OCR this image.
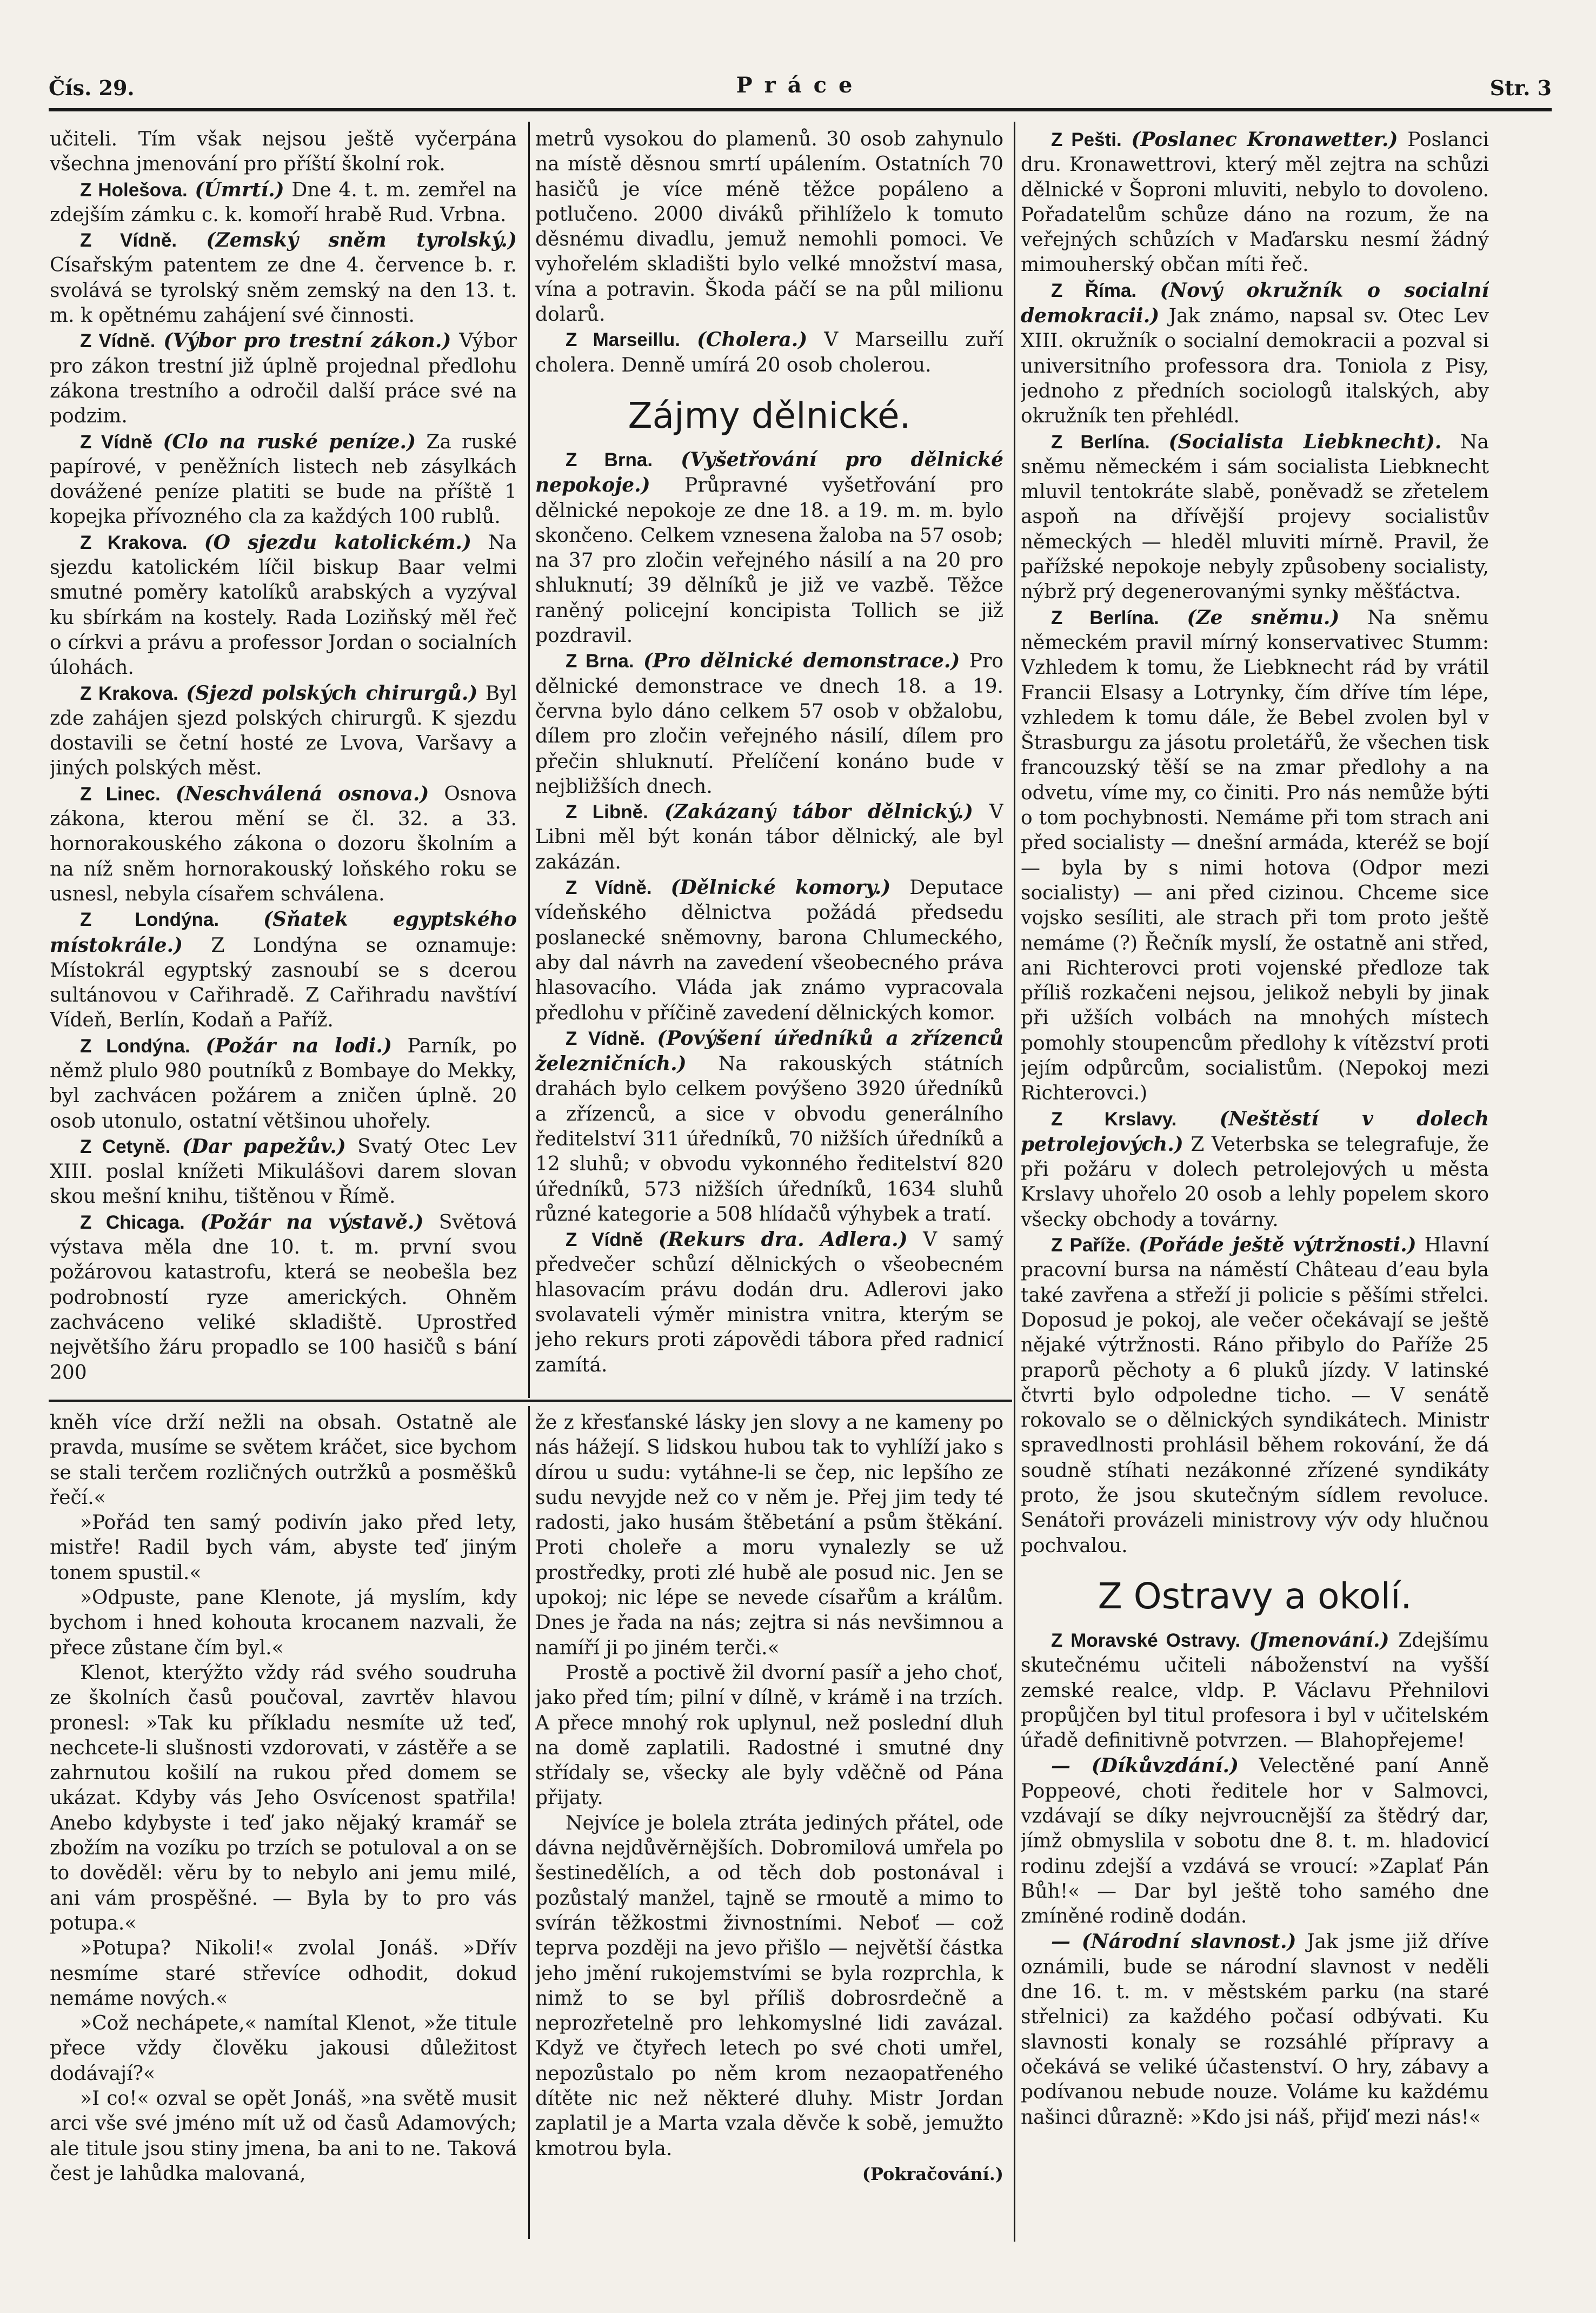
Čís. 29.	Práce	Str. 3

učiteli. Tím však nejsou ještě vyčerpána všechna jmenování pro příští školní rok.

Z Holešova. (Úmrtí.) Dne 4. t. m. zemřel na zdejším zámku c. k. komoří hrabě Rud. Vrbna.

Z Vídně. (Zemský sněm tyrolský.) Císařským patentem ze dne 4. července b. r. svolává se tyrolský sněm zemský na den 13. t. m. k opětnému zahájení své činnosti.

Z Vídně. (Výbor pro trestní zákon.) Výbor pro zákon trestní již úplně projednal předlohu zákona trestního a odročil další práce své na podzim.

Z Vídně (Clo na ruské peníze.) Za ruské papírové, v peněžních listech neb zásylkách dovážené peníze platiti se bude na příště 1 kopejka přívozného cla za každých 100 rublů.

Z Krakova. (O sjezdu katolickém.) Na sjezdu katolickém líčil biskup Baar velmi smutné poměry katolíků arabských a vyzýval ku sbírkám na kostely. Rada Loziňský měl řeč o církvi a právu a professor Jordan o socialních úlohách.

Z Krakova. (Sjezd polských chirurgů.) Byl zde zahájen sjezd polských chirurgů. K sjezdu dostavili se četní hosté ze Lvova, Varšavy a jiných polských měst.

Z Linec. (Neschválená osnova.) Osnova zákona, kterou mění se čl. 32. a 33. hornorakouského zákona o dozoru školním a na níž sněm hornorakouský loňského roku se usnesl, nebyla císařem schválena.

Z Londýna. (Sňatek egyptského místokrále.) Z Londýna se oznamuje: Místokrál egyptský zasnoubí se s dcerou sultánovou v Cařihradě. Z Cařihradu navštíví Vídeň, Berlín, Kodaň a Paříž.

Z Londýna. (Požár na lodi.) Parník, po němž plulo 980 poutníků z Bombaye do Mekky, byl zachvácen požárem a zničen úplně. 20 osob utonulo, ostatní většinou uhořely.

Z Cetyně. (Dar papežův.) Svatý Otec Lev XIII. poslal knížeti Mikulášovi darem slovan skou mešní knihu, tištěnou v Římě.

Z Chicaga. (Požár na výstavě.) Světová výstava měla dne 10. t. m. první svou požárovou katastrofu, která se neobešla bez podrobností ryze amerických. Ohněm zachváceno veliké skladiště. Uprostřed největšího žáru propadlo se 100 hasičů s bání 200

metrů vysokou do plamenů. 30 osob zahynulo na místě děsnou smrtí upálením. Ostatních 70 hasičů je více méně těžce popáleno a potlučeno. 2000 diváků přihlíželo k tomuto děsnému divadlu, jemuž nemohli pomoci. Ve vyhořelém skladišti bylo velké množství masa, vína a potravin. Škoda páčí se na půl milionu dolarů.

Z Marseillu. (Cholera.) V Marseillu zuří cholera. Denně umírá 20 osob cholerou.

Zájmy dělnické.

Z Brna. (Vyšetřování pro dělnické nepokoje.) Průpravné vyšetřování pro dělnické nepokoje ze dne 18. a 19. m. m. bylo skončeno. Celkem vznesena žaloba na 57 osob; na 37 pro zločin veřejného násilí a na 20 pro shluknutí; 39 dělníků je již ve vazbě. Těžce raněný policejní koncipista Tollich se již pozdravil.

Z Brna. (Pro dělnické demonstrace.) Pro dělnické demonstrace ve dnech 18. a 19. června bylo dáno celkem 57 osob v obžalobu, dílem pro zločin veřejného násilí, dílem pro přečin shluknutí. Přelíčení konáno bude v nejbližších dnech.

Z Libně. (Zakázaný tábor dělnický.) V Libni měl být konán tábor dělnický, ale byl zakázán.

Z Vídně. (Dělnické komory.) Deputace vídeňského dělnictva požádá předsedu poslanecké sněmovny, barona Chlumeckého, aby dal návrh na zavedení všeobecného práva hlasovacího. Vláda jak známo vypracovala předlohu v příčině zavedení dělnických komor.

Z Vídně. (Povýšení úředníků a zřízenců železničních.) Na rakouských státních drahách bylo celkem povýšeno 3920 úředníků a zřízenců, a sice v obvodu generálního ředitelství 311 úředníků, 70 nižších úředníků a 12 sluhů; v obvodu vykonného ředitelství 820 úředníků, 573 nižších úředníků, 1634 sluhů různé kategorie a 508 hlídačů výhybek a tratí.

Z Vídně (Rekurs dra. Adlera.) V samý předvečer schůzí dělnických o všeobecném hlasovacím právu dodán dru. Adlerovi jako svolavateli výměr ministra vnitra, kterým se jeho rekurs proti zápovědi tábora před radnicí zamítá.

Z Pešti. (Poslanec Kronawetter.) Poslanci dru. Kronawettrovi, který měl zejtra na schůzi dělnické v Šoproni mluviti, nebylo to dovoleno. Pořadatelům schůze dáno na rozum, že na veřejných schůzích v Maďarsku nesmí žádný mimouherský občan míti řeč.

Z Říma. (Nový okružník o socialní demokracii.) Jak známo, napsal sv. Otec Lev XIII. okružník o socialní demokracii a pozval si universitního professora dra. Toniola z Pisy, jednoho z předních sociologů italských, aby okružník ten přehlédl.

Z Berlína. (Socialista Liebknecht). Na sněmu německém i sám socialista Liebknecht mluvil tentokráte slabě, poněvadž se zřetelem aspoň na dřívější projevy socialistův německých — hleděl mluviti mírně. Pravil, že pařížské nepokoje nebyly způsobeny socialisty, nýbrž prý degenerovanými synky měšťáctva.

Z Berlína. (Ze sněmu.) Na sněmu německém pravil mírný konservativec Stumm: Vzhledem k tomu, že Liebknecht rád by vrátil Francii Elsasy a Lotrynky, čím dříve tím lépe, vzhledem k tomu dále, že Bebel zvolen byl v Štrasburgu za jásotu proletářů, že všechen tisk francouzský těší se na zmar předlohy a na odvetu, víme my, co činiti. Pro nás nemůže býti o tom pochybnosti. Nemáme při tom strach ani před socialisty — dnešní armáda, kteréž se bojí — byla by s nimi hotova (Odpor mezi socialisty) — ani před cizinou. Chceme sice vojsko sesíliti, ale strach při tom proto ještě nemáme (?) Řečník myslí, že ostatně ani střed, ani Richterovci proti vojenské předloze tak příliš rozkačeni nejsou, jelikož nebyli by jinak při užších volbách na mnohých místech pomohly stoupencům předlohy k vítězství proti jejím odpůrcům, socialistům. (Nepokoj mezi Richterovci.)

Z Krslavy. (Neštěstí v dolech petrolejových.) Z Veterbska se telegrafuje, že při požáru v dolech petrolejových u města Krslavy uhořelo 20 osob a lehly popelem skoro všecky obchody a továrny.

Z Paříže. (Pořáde ještě výtržnosti.) Hlavní pracovní bursa na náměstí Château d’eau byla také zavřena a střeží ji policie s pěšími střelci. Doposud je pokoj, ale večer očekávají se ještě nějaké výtržnosti. Ráno přibylo do Paříže 25 praporů pěchoty a 6 pluků jízdy. V latinské čtvrti bylo odpoledne ticho. — V senátě rokovalo se o dělnických syndikátech. Ministr spravedlnosti prohlásil během rokování, že dá soudně stíhati nezákonné zřízené syndikáty proto, že jsou skutečným sídlem revoluce. Senátoři provázeli ministrovy výv ody hlučnou pochvalou.

Z Ostravy a okolí.

Z Moravské Ostravy. (Jmenování.) Zdejšímu skutečnému učiteli náboženství na vyšší zemské realce, vldp. P. Václavu Přehnilovi propůjčen byl titul profesora i byl v učitelském úřadě definitivně potvrzen. — Blahopřejeme!

— (Díkůvzdání.) Velectěné paní Anně Poppeové, choti ředitele hor v Salmovci, vzdávají se díky nejvroucnější za štědrý dar, jímž obmyslila v sobotu dne 8. t. m. hladovicí rodinu zdejší a vzdává se vroucí: »Zaplať Pán Bůh!« — Dar byl ještě toho samého dne zmíněné rodině dodán.

— (Národní slavnost.) Jak jsme již dříve oznámili, bude se národní slavnost v neděli dne 16. t. m. v městském parku (na staré střelnici) za každého počasí odbývati. Ku slavnosti konaly se rozsáhlé přípravy a očekává se veliké účastenství. O hry, zábavy a podívanou nebude nouze. Voláme ku každému našinci důrazně: »Kdo jsi náš, přijď mezi nás!«

kněh více drží nežli na obsah. Ostatně ale pravda, musíme se světem kráčet, sice bychom se stali terčem rozličných outržků a posměšků řečí.«

»Pořád ten samý podivín jako před lety, mistře! Radil bych vám, abyste teď jiným tonem spustil.«

»Odpuste, pane Klenote, já myslím, kdy bychom i hned kohouta krocanem nazvali, že přece zůstane čím byl.«

Klenot, kterýžto vždy rád svého soudruha ze školních časů poučoval, zavrtěv hlavou pronesl: »Tak ku příkladu nesmíte už teď, nechcete-li slušnosti vzdorovati, v zástěře a se zahrnutou košilí na rukou před domem se ukázat. Kdyby vás Jeho Osvícenost spatřila! Anebo kdybyste i teď jako nějaký kramář se zbožím na vozíku po trzích se potuloval a on se to dověděl: věru by to nebylo ani jemu milé, ani vám prospěšné. — Byla by to pro vás potupa.«

»Potupa? Nikoli!« zvolal Jonáš. »Dřív nesmíme staré střevíce odhodit, dokud nemáme nových.«

»Což nechápete,« namítal Klenot, »že titule přece vždy člověku jakousi důležitost dodávají?«

»I co!« ozval se opět Jonáš, »na světě musit arci vše své jméno mít už od časů Adamových; ale titule jsou stiny jmena, ba ani to ne. Taková čest je lahůdka malovaná,

že z křesťanské lásky jen slovy a ne kameny po nás hážejí. S lidskou hubou tak to vyhlíží jako s dírou u sudu: vytáhne-li se čep, nic lepšího ze sudu nevyjde než co v něm je. Přej jim tedy té radosti, jako husám štěbetání a psům štěkání. Proti choleře a moru vynalezly se už prostředky, proti zlé hubě ale posud nic. Jen se upokoj; nic lépe se nevede císařům a králům. Dnes je řada na nás; zejtra si nás nevšimnou a namíří ji po jiném terči.«

Prostě a poctivě žil dvorní pasíř a jeho choť, jako před tím; pilní v dílně, v krámě i na trzích. A přece mnohý rok uplynul, než poslední dluh na domě zaplatili. Radostné i smutné dny střídaly se, všecky ale byly vděčně od Pána přijaty.

Nejvíce je bolela ztráta jediných přátel, ode dávna nejdůvěrnějších. Dobromilová umřela po šestinedělích, a od těch dob postonával i pozůstalý manžel, tajně se rmoutě a mimo to svírán těžkostmi živnostními. Neboť — což teprva později na jevo přišlo — největší částka jeho jmění rukojemstvími se byla rozprchla, k nimž to se byl příliš dobrosrdečně a neprozřetelně pro lehkomyslné lidi zavázal. Když ve čtyřech letech po své choti umřel, nepozůstalo po něm krom nezaopatřeného dítěte nic než některé dluhy. Mistr Jordan zaplatil je a Marta vzala děvče k sobě, jemužto kmotrou byla.

(Pokračování.)
